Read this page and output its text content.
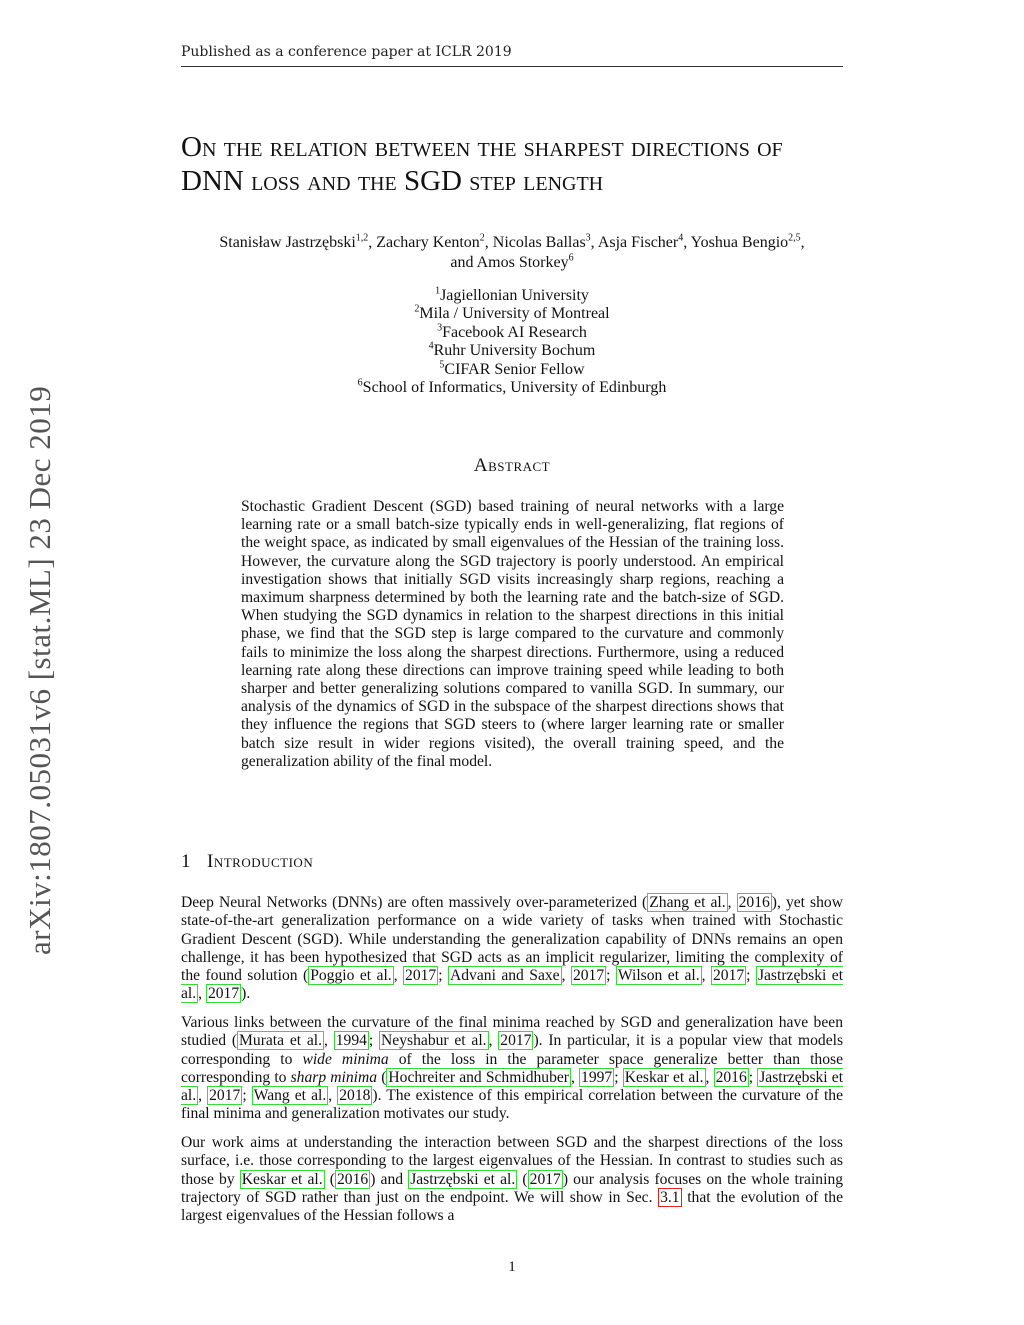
Published as a conference paper at ICLR 2019
arXiv:1807.05031v6 [stat.ML] 23 Dec 2019
On the relation between the sharpest directions of DNN loss and the SGD step length
Stanisław Jastrzębski$^{1,2}$, Zachary Kenton$^2$, Nicolas Ballas$^3$, Asja Fischer$^4$, Yoshua Bengio$^{2,5}$,
and Amos Storkey$^6$
$^1$Jagiellonian University
$^2$Mila / University of Montreal
$^3$Facebook AI Research
$^4$Ruhr University Bochum
$^5$CIFAR Senior Fellow
$^6$School of Informatics, University of Edinburgh
Abstract
Stochastic Gradient Descent (SGD) based training of neural networks with a large learning rate or a small batch-size typically ends in well-generalizing, flat regions of the weight space, as indicated by small eigenvalues of the Hessian of the training loss. However, the curvature along the SGD trajectory is poorly understood. An empirical investigation shows that initially SGD visits increasingly sharp regions, reaching a maximum sharpness determined by both the learning rate and the batch-size of SGD. When studying the SGD dynamics in relation to the sharpest directions in this initial phase, we find that the SGD step is large compared to the curvature and commonly fails to minimize the loss along the sharpest directions. Furthermore, using a reduced learning rate along these directions can improve training speed while leading to both sharper and better generalizing solutions compared to vanilla SGD. In summary, our analysis of the dynamics of SGD in the subspace of the sharpest directions shows that they influence the regions that SGD steers to (where larger learning rate or smaller batch size result in wider regions visited), the overall training speed, and the generalization ability of the final model.
1 Introduction
Deep Neural Networks (DNNs) are often massively over-parameterized ( Zhang et al. , 2016 ), yet show state-of-the-art generalization performance on a wide variety of tasks when trained with Stochastic Gradient Descent (SGD). While understanding the generalization capability of DNNs remains an open challenge, it has been hypothesized that SGD acts as an implicit regularizer, limiting the complexity of the found solution ( Poggio et al. , 2017 ; Advani and Saxe , 2017 ; Wilson et al. , 2017 ; Jastrzębski et al. , 2017 ).
Various links between the curvature of the final minima reached by SGD and generalization have been studied ( Murata et al. , 1994 ; Neyshabur et al. , 2017 ). In particular, it is a popular view that models corresponding to wide minima of the loss in the parameter space generalize better than those corresponding to sharp minima ( Hochreiter and Schmidhuber , 1997 ; Keskar et al. , 2016 ; Jastrzębski et al. , 2017 ; Wang et al. , 2018 ). The existence of this empirical correlation between the curvature of the final minima and generalization motivates our study.
Our work aims at understanding the interaction between SGD and the sharpest directions of the loss surface, i.e. those corresponding to the largest eigenvalues of the Hessian. In contrast to studies such as those by Keskar et al. ( 2016 ) and Jastrzębski et al. ( 2017 ) our analysis focuses on the whole training trajectory of SGD rather than just on the endpoint. We will show in Sec. 3.1 that the evolution of the largest eigenvalues of the Hessian follows a
1
